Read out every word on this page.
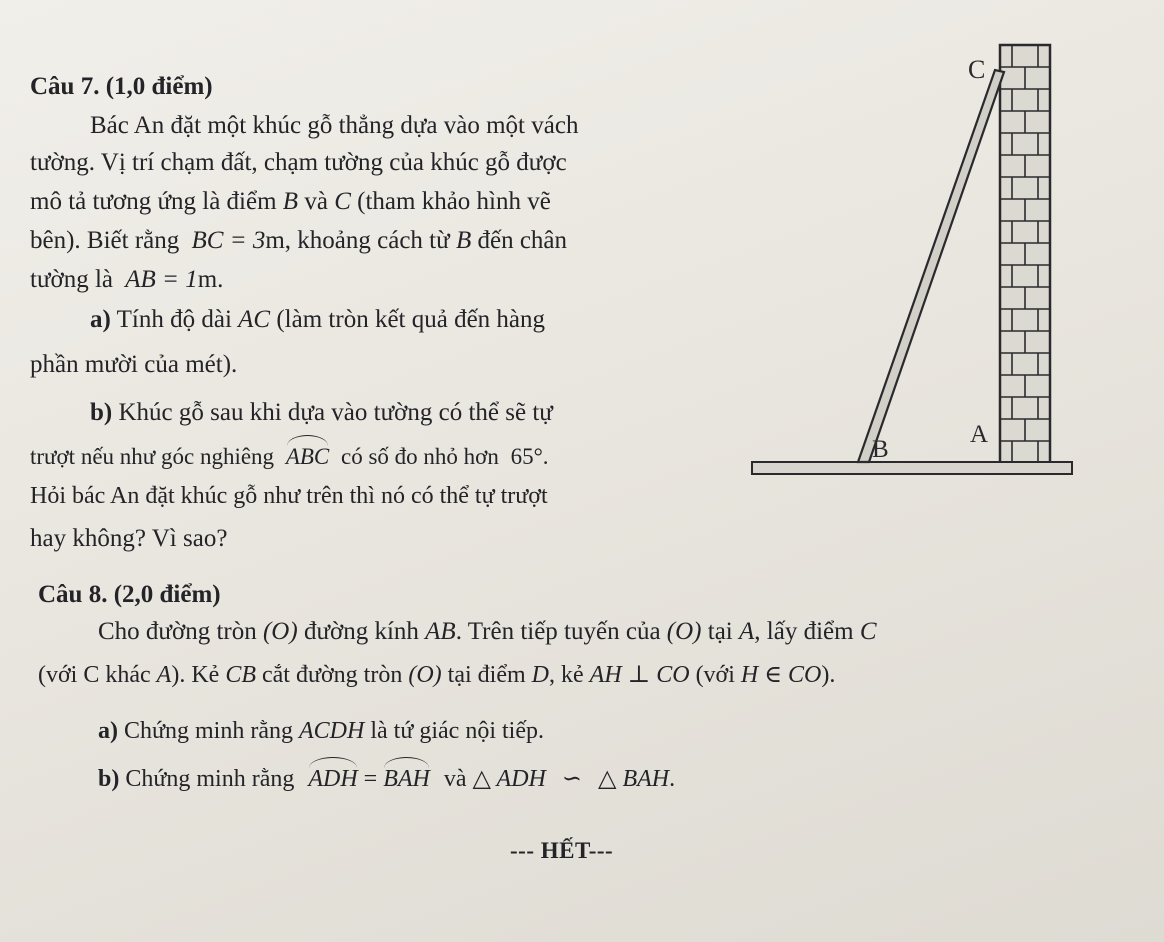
Câu 7. (1,0 điểm)
Bác An đặt một khúc gỗ thẳng dựa vào một vách
tường. Vị trí chạm đất, chạm tường của khúc gỗ được
mô tả tương ứng là điểm B và C (tham khảo hình vẽ
bên). Biết rằng BC = 3m, khoảng cách từ B đến chân
tường là AB = 1m.
a) Tính độ dài AC (làm tròn kết quả đến hàng
phần mười của mét).
b) Khúc gỗ sau khi dựa vào tường có thể sẽ tự
trượt nếu như góc nghiêng ABC có số đo nhỏ hơn 65°.
Hỏi bác An đặt khúc gỗ như trên thì nó có thể tự trượt
hay không? Vì sao?
C
B
A
Câu 8. (2,0 điểm)
Cho đường tròn (O) đường kính AB. Trên tiếp tuyến của (O) tại A, lấy điểm C
(với C khác A). Kẻ CB cắt đường tròn (O) tại điểm D, kẻ AH ⊥ CO (với H ∈ CO).
a) Chứng minh rằng ACDH là tứ giác nội tiếp.
b) Chứng minh rằng ADH = BAH và △ ADH ∽ △ BAH.
--- HẾT---
